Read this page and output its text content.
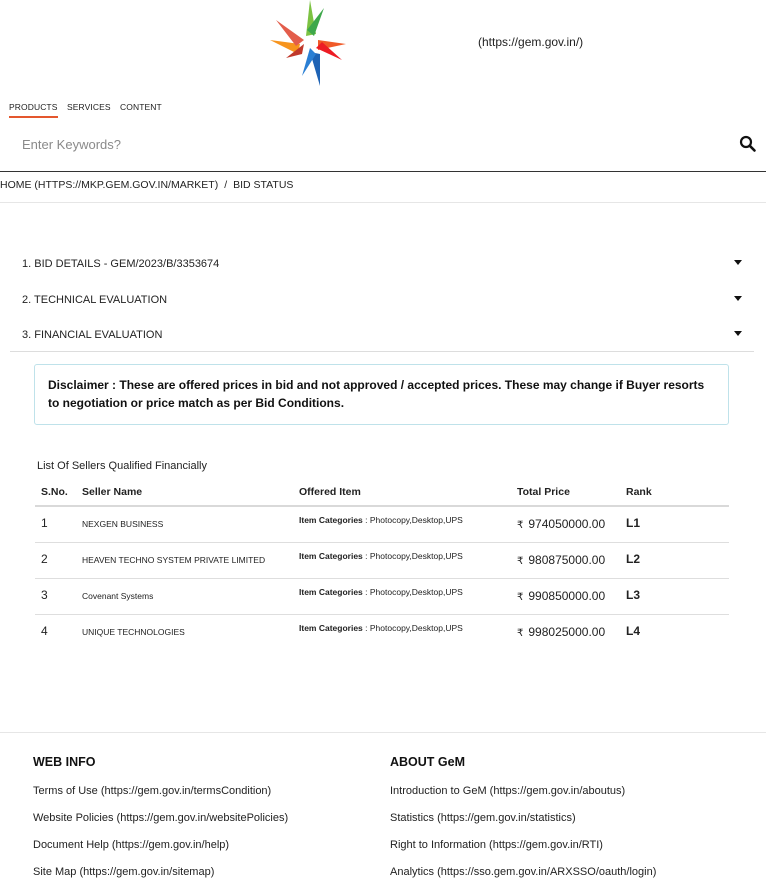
(https://gem.gov.in/)
PRODUCTS SERVICES CONTENT
Enter Keywords?
HOME (HTTPS://MKP.GEM.GOV.IN/MARKET) / BID STATUS
1. BID DETAILS - GEM/2023/B/3353674
2. TECHNICAL EVALUATION
3. FINANCIAL EVALUATION
Disclaimer : These are offered prices in bid and not approved / accepted prices. These may change if Buyer resorts to negotiation or price match as per Bid Conditions.
List Of Sellers Qualified Financially
S.No. Seller Name	Offered Item	Total Price	Rank
1	NEXGEN BUSINESS	Item Categories : Photocopy,Desktop,UPS	₹ 974050000.00 L1
2	HEAVEN TECHNO SYSTEM PRIVATE LIMITED	Item Categories : Photocopy,Desktop,UPS	₹ 980875000.00 L2
3	Covenant Systems	Item Categories : Photocopy,Desktop,UPS	₹ 990850000.00 L3
4	UNIQUE TECHNOLOGIES	Item Categories : Photocopy,Desktop,UPS	₹ 998025000.00 L4
WEB INFO
Terms of Use (https://gem.gov.in/termsCondition)
Website Policies (https://gem.gov.in/websitePolicies)
Document Help (https://gem.gov.in/help)
Site Map (https://gem.gov.in/sitemap)
ABOUT GeM
Introduction to GeM (https://gem.gov.in/aboutus)
Statistics (https://gem.gov.in/statistics)
Right to Information (https://gem.gov.in/RTI)
Analytics (https://sso.gem.gov.in/ARXSSO/oauth/login)
